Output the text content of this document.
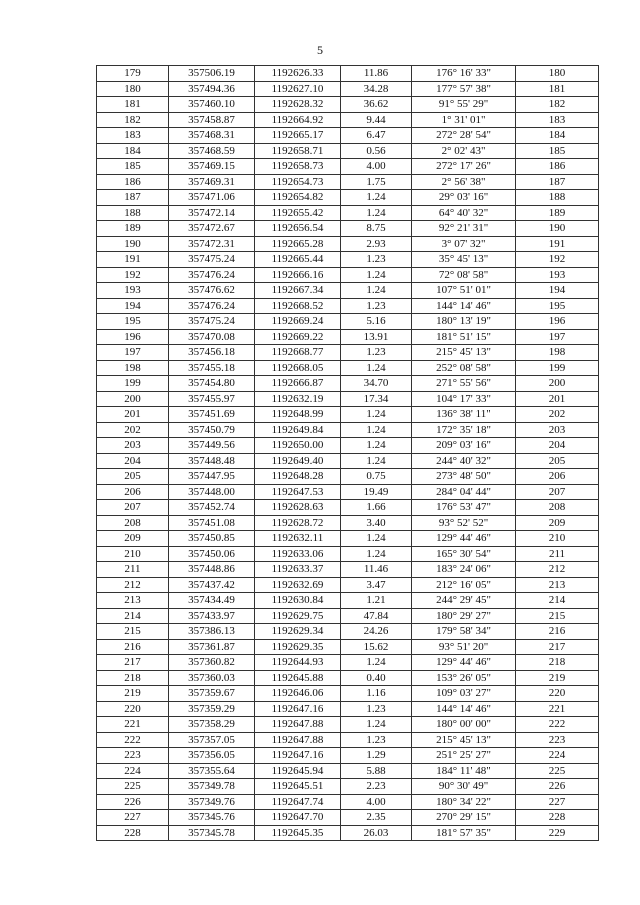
5
179	357506.19	1192626.33	11.86	176° 16' 33"	180
180	357494.36	1192627.10	34.28	177° 57' 38"	181
181	357460.10	1192628.32	36.62	91° 55' 29"	182
182	357458.87	1192664.92	9.44	1° 31' 01"	183
183	357468.31	1192665.17	6.47	272° 28' 54"	184
184	357468.59	1192658.71	0.56	2° 02' 43"	185
185	357469.15	1192658.73	4.00	272° 17' 26"	186
186	357469.31	1192654.73	1.75	2° 56' 38"	187
187	357471.06	1192654.82	1.24	29° 03' 16"	188
188	357472.14	1192655.42	1.24	64° 40' 32"	189
189	357472.67	1192656.54	8.75	92° 21' 31"	190
190	357472.31	1192665.28	2.93	3° 07' 32"	191
191	357475.24	1192665.44	1.23	35° 45' 13"	192
192	357476.24	1192666.16	1.24	72° 08' 58"	193
193	357476.62	1192667.34	1.24	107° 51' 01"	194
194	357476.24	1192668.52	1.23	144° 14' 46"	195
195	357475.24	1192669.24	5.16	180° 13' 19"	196
196	357470.08	1192669.22	13.91	181° 51' 15"	197
197	357456.18	1192668.77	1.23	215° 45' 13"	198
198	357455.18	1192668.05	1.24	252° 08' 58"	199
199	357454.80	1192666.87	34.70	271° 55' 56"	200
200	357455.97	1192632.19	17.34	104° 17' 33"	201
201	357451.69	1192648.99	1.24	136° 38' 11"	202
202	357450.79	1192649.84	1.24	172° 35' 18"	203
203	357449.56	1192650.00	1.24	209° 03' 16"	204
204	357448.48	1192649.40	1.24	244° 40' 32"	205
205	357447.95	1192648.28	0.75	273° 48' 50"	206
206	357448.00	1192647.53	19.49	284° 04' 44"	207
207	357452.74	1192628.63	1.66	176° 53' 47"	208
208	357451.08	1192628.72	3.40	93° 52' 52"	209
209	357450.85	1192632.11	1.24	129° 44' 46"	210
210	357450.06	1192633.06	1.24	165° 30' 54"	211
211	357448.86	1192633.37	11.46	183° 24' 06"	212
212	357437.42	1192632.69	3.47	212° 16' 05"	213
213	357434.49	1192630.84	1.21	244° 29' 45"	214
214	357433.97	1192629.75	47.84	180° 29' 27"	215
215	357386.13	1192629.34	24.26	179° 58' 34"	216
216	357361.87	1192629.35	15.62	93° 51' 20"	217
217	357360.82	1192644.93	1.24	129° 44' 46"	218
218	357360.03	1192645.88	0.40	153° 26' 05"	219
219	357359.67	1192646.06	1.16	109° 03' 27"	220
220	357359.29	1192647.16	1.23	144° 14' 46"	221
221	357358.29	1192647.88	1.24	180° 00' 00"	222
222	357357.05	1192647.88	1.23	215° 45' 13"	223
223	357356.05	1192647.16	1.29	251° 25' 27"	224
224	357355.64	1192645.94	5.88	184° 11' 48"	225
225	357349.78	1192645.51	2.23	90° 30' 49"	226
226	357349.76	1192647.74	4.00	180° 34' 22"	227
227	357345.76	1192647.70	2.35	270° 29' 15"	228
228	357345.78	1192645.35	26.03	181° 57' 35"	229
